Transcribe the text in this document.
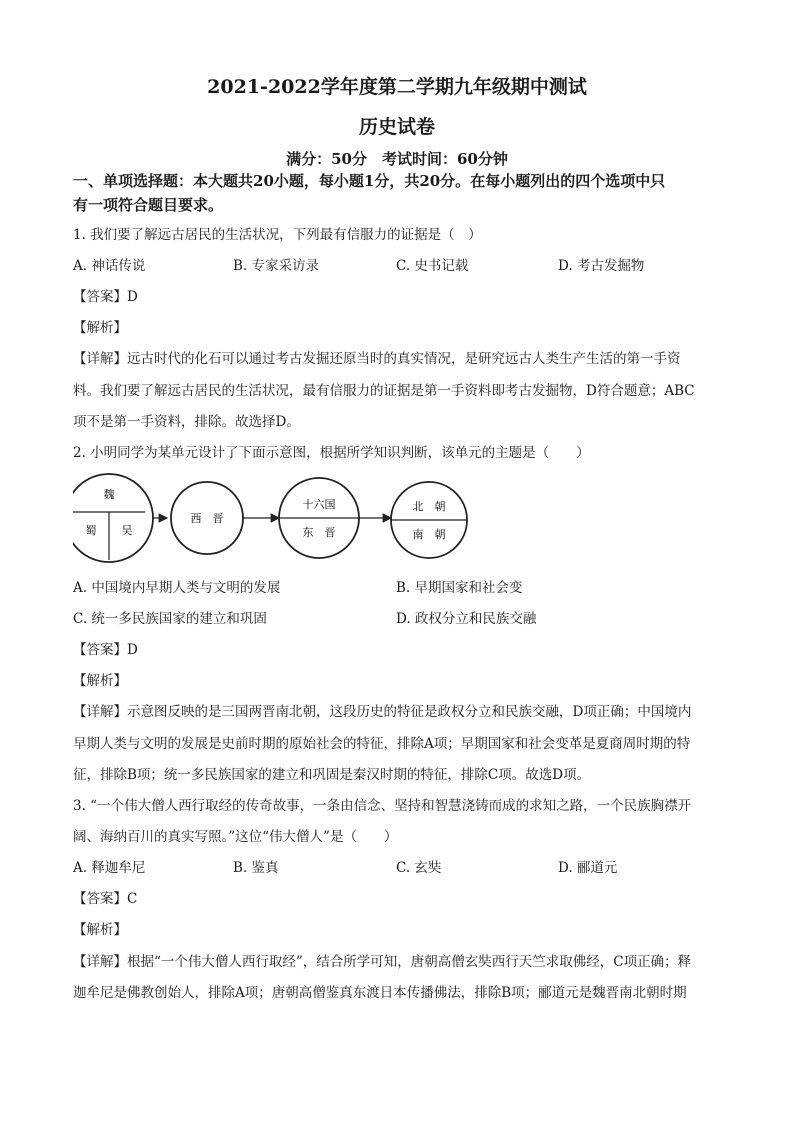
2021-2022学年度第二学期九年级期中测试
历史试卷
满分：50分　考试时间：60分钟
一、单项选择题：本大题共20小题，每小题1分，共20分。在每小题列出的四个选项中只
有一项符合题目要求。
1. 我们要了解远古居民的生活状况，下列最有信服力的证据是（　）
A. 神话传说	B. 专家采访录	C. 史书记载	D. 考古发掘物
【答案】D
【解析】
【详解】远古时代的化石可以通过考古发掘还原当时的真实情况，是研究远古人类生产生活的第一手资
料。我们要了解远古居民的生活状况，最有信服力的证据是第一手资料即考古发掘物，D符合题意；ABC
项不是第一手资料，排除。故选择D。
2. 小明同学为某单元设计了下面示意图，根据所学知识判断，该单元的主题是（　　）
魏
蜀 吴
西　晋
十六国
东　晋
北　朝
南　朝
A. 中国境内早期人类与文明的发展	B. 早期国家和社会变
C. 统一多民族国家的建立和巩固	D. 政权分立和民族交融
【答案】D
【解析】
【详解】示意图反映的是三国两晋南北朝，这段历史的特征是政权分立和民族交融，D项正确；中国境内
早期人类与文明的发展是史前时期的原始社会的特征，排除A项；早期国家和社会变革是夏商周时期的特
征，排除B项；统一多民族国家的建立和巩固是秦汉时期的特征，排除C项。故选D项。
3. “一个伟大僧人西行取经的传奇故事，一条由信念、坚持和智慧浇铸而成的求知之路，一个民族胸襟开
阔、海纳百川的真实写照。”这位“伟大僧人”是（　　）
A. 释迦牟尼	B. 鉴真	C. 玄奘	D. 郦道元
【答案】C
【解析】
【详解】根据“一个伟大僧人西行取经”，结合所学可知，唐朝高僧玄奘西行天竺求取佛经，C项正确；释
迦牟尼是佛教创始人，排除A项；唐朝高僧鉴真东渡日本传播佛法，排除B项；郦道元是魏晋南北朝时期
